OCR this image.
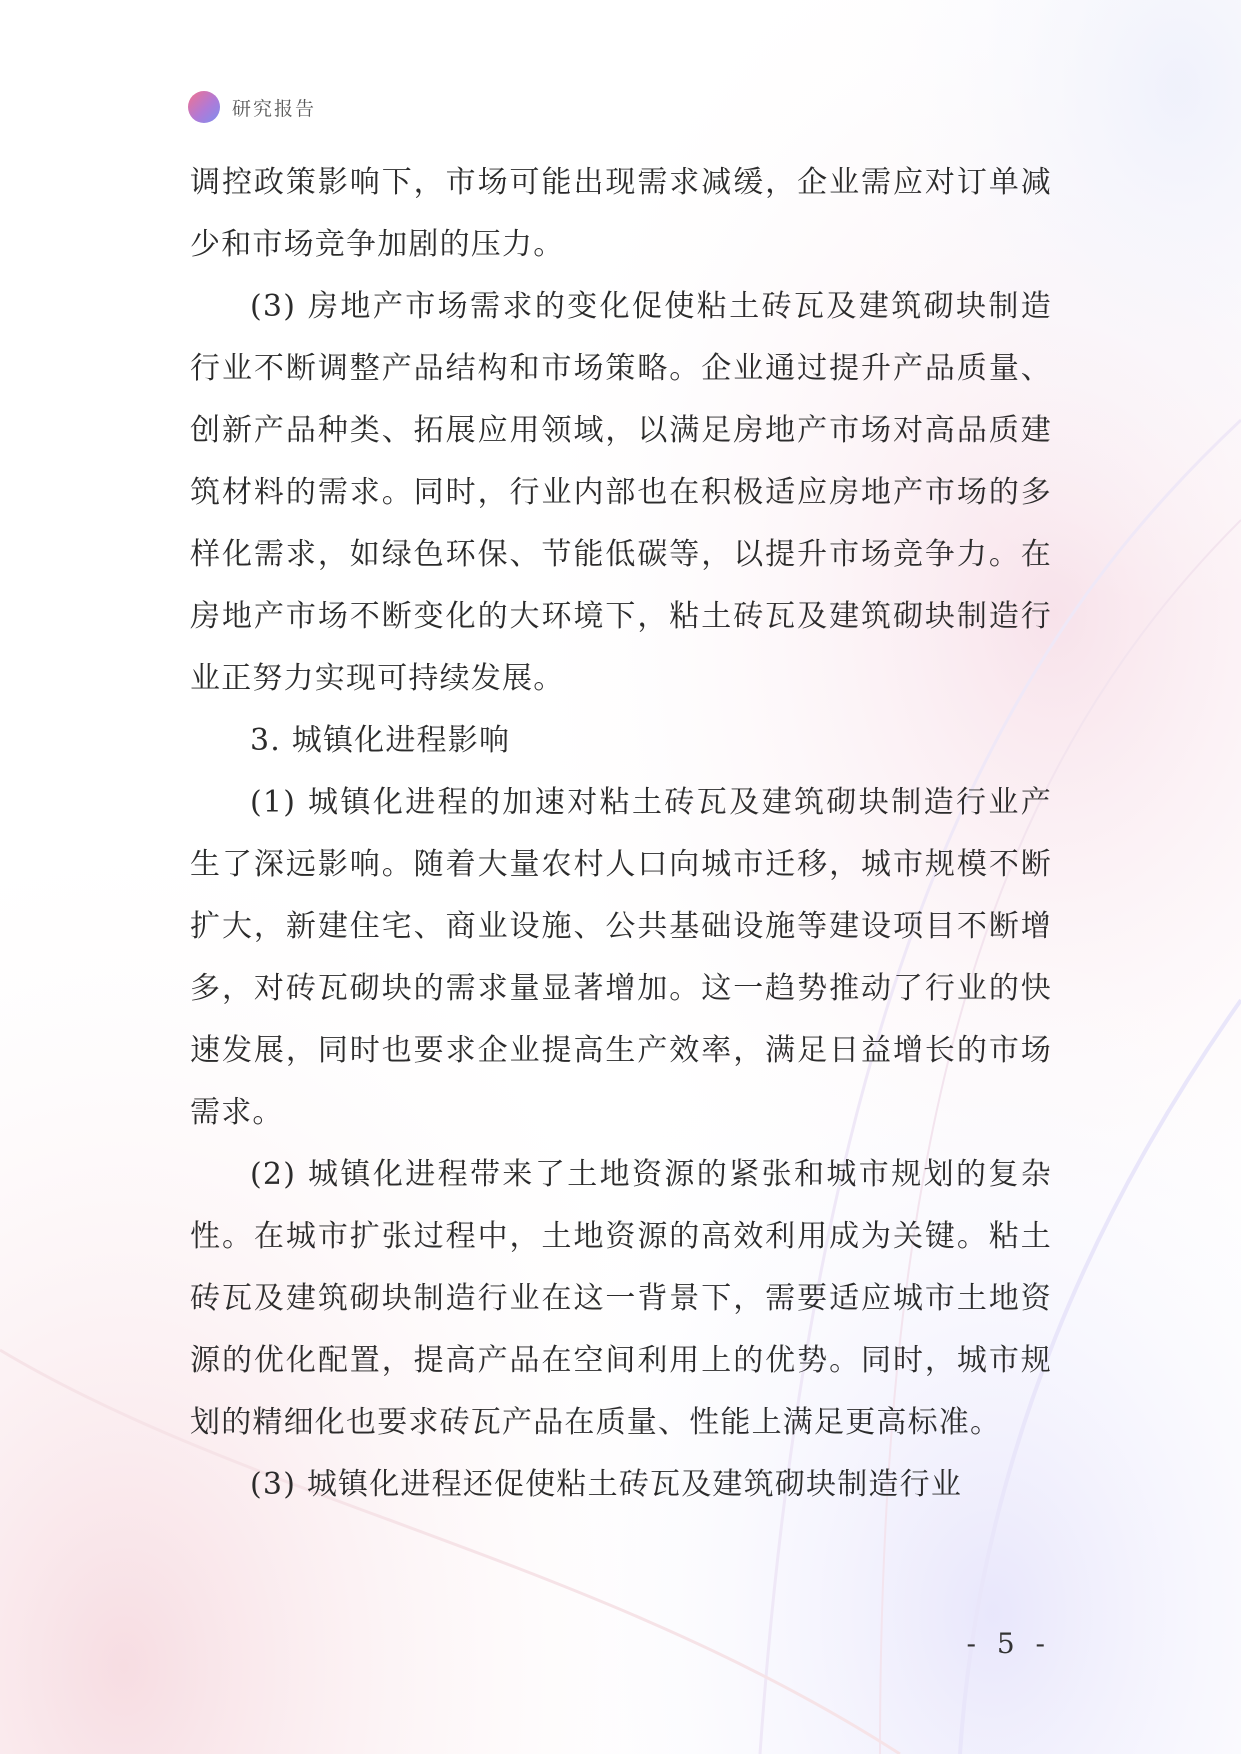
研究报告

调控政策影响下，市场可能出现需求减缓，企业需应对订单减少和市场竞争加剧的压力。

(3) 房地产市场需求的变化促使粘土砖瓦及建筑砌块制造行业不断调整产品结构和市场策略。企业通过提升产品质量、创新产品种类、拓展应用领域，以满足房地产市场对高品质建筑材料的需求。同时，行业内部也在积极适应房地产市场的多样化需求，如绿色环保、节能低碳等，以提升市场竞争力。在房地产市场不断变化的大环境下，粘土砖瓦及建筑砌块制造行业正努力实现可持续发展。

3. 城镇化进程影响

(1) 城镇化进程的加速对粘土砖瓦及建筑砌块制造行业产生了深远影响。随着大量农村人口向城市迁移，城市规模不断扩大，新建住宅、商业设施、公共基础设施等建设项目不断增多，对砖瓦砌块的需求量显著增加。这一趋势推动了行业的快速发展，同时也要求企业提高生产效率，满足日益增长的市场需求。

(2) 城镇化进程带来了土地资源的紧张和城市规划的复杂性。在城市扩张过程中，土地资源的高效利用成为关键。粘土砖瓦及建筑砌块制造行业在这一背景下，需要适应城市土地资源的优化配置，提高产品在空间利用上的优势。同时，城市规划的精细化也要求砖瓦产品在质量、性能上满足更高标准。

(3) 城镇化进程还促使粘土砖瓦及建筑砌块制造行业

- 5 -
